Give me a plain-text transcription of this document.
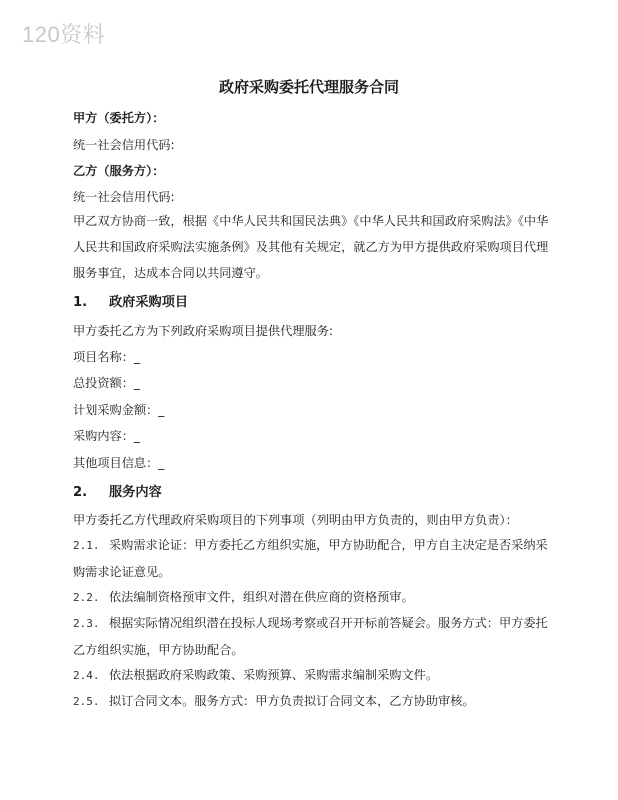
120资料
政府采购委托代理服务合同
甲方（委托方）：
统一社会信用代码:
乙方（服务方）：
统一社会信用代码:
甲乙双方协商一致，根据《中华人民共和国民法典》《中华人民共和国政府采购法》《中华人民共和国政府采购法实施条例》及其他有关规定，就乙方为甲方提供政府采购项目代理服务事宜，达成本合同以共同遵守。
1. 政府采购项目
甲方委托乙方为下列政府采购项目提供代理服务:
项目名称：_
总投资额：_
计划采购金额：_
采购内容：_
其他项目信息：_
2. 服务内容
甲方委托乙方代理政府采购项目的下列事项（列明由甲方负责的，则由甲方负责）：
2.1. 采购需求论证：甲方委托乙方组织实施，甲方协助配合，甲方自主决定是否采纳采
购需求论证意见。
2.2. 依法编制资格预审文件，组织对潜在供应商的资格预审。
2.3. 根据实际情况组织潜在投标人现场考察或召开开标前答疑会。服务方式：甲方委托
乙方组织实施，甲方协助配合。
2.4. 依法根据政府采购政策、采购预算、采购需求编制采购文件。
2.5. 拟订合同文本。服务方式：甲方负责拟订合同文本，乙方协助审核。
